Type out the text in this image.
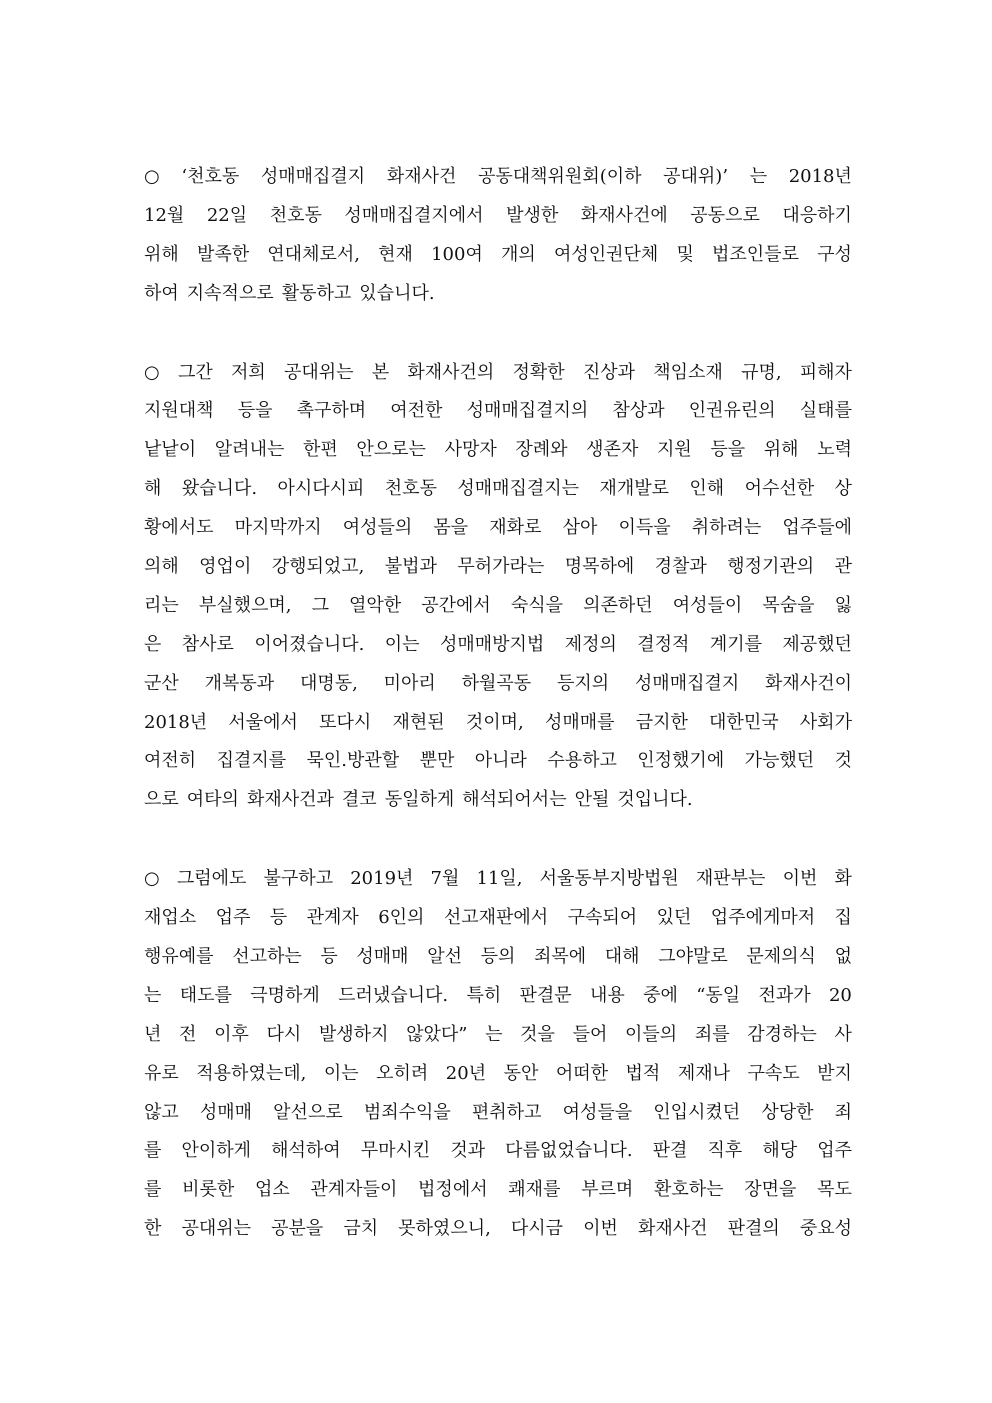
○ ‘천호동 성매매집결지 화재사건 공동대책위원회(이하 공대위)’ 는 2018년
12월 22일 천호동 성매매집결지에서 발생한 화재사건에 공동으로 대응하기
위해 발족한 연대체로서, 현재 100여 개의 여성인권단체 및 법조인들로 구성
하여 지속적으로 활동하고 있습니다.
○ 그간 저희 공대위는 본 화재사건의 정확한 진상과 책임소재 규명, 피해자
지원대책 등을 촉구하며 여전한 성매매집결지의 참상과 인권유린의 실태를
낱낱이 알려내는 한편 안으로는 사망자 장례와 생존자 지원 등을 위해 노력
해 왔습니다. 아시다시피 천호동 성매매집결지는 재개발로 인해 어수선한 상
황에서도 마지막까지 여성들의 몸을 재화로 삼아 이득을 취하려는 업주들에
의해 영업이 강행되었고, 불법과 무허가라는 명목하에 경찰과 행정기관의 관
리는 부실했으며, 그 열악한 공간에서 숙식을 의존하던 여성들이 목숨을 잃
은 참사로 이어졌습니다. 이는 성매매방지법 제정의 결정적 계기를 제공했던
군산 개복동과 대명동, 미아리 하월곡동 등지의 성매매집결지 화재사건이
2018년 서울에서 또다시 재현된 것이며, 성매매를 금지한 대한민국 사회가
여전히 집결지를 묵인.방관할 뿐만 아니라 수용하고 인정했기에 가능했던 것
으로 여타의 화재사건과 결코 동일하게 해석되어서는 안될 것입니다.
○ 그럼에도 불구하고 2019년 7월 11일, 서울동부지방법원 재판부는 이번 화
재업소 업주 등 관계자 6인의 선고재판에서 구속되어 있던 업주에게마저 집
행유예를 선고하는 등 성매매 알선 등의 죄목에 대해 그야말로 문제의식 없
는 태도를 극명하게 드러냈습니다. 특히 판결문 내용 중에 “동일 전과가 20
년 전 이후 다시 발생하지 않았다” 는 것을 들어 이들의 죄를 감경하는 사
유로 적용하였는데, 이는 오히려 20년 동안 어떠한 법적 제재나 구속도 받지
않고 성매매 알선으로 범죄수익을 편취하고 여성들을 인입시켰던 상당한 죄
를 안이하게 해석하여 무마시킨 것과 다름없었습니다. 판결 직후 해당 업주
를 비롯한 업소 관계자들이 법정에서 쾌재를 부르며 환호하는 장면을 목도
한 공대위는 공분을 금치 못하였으니, 다시금 이번 화재사건 판결의 중요성
